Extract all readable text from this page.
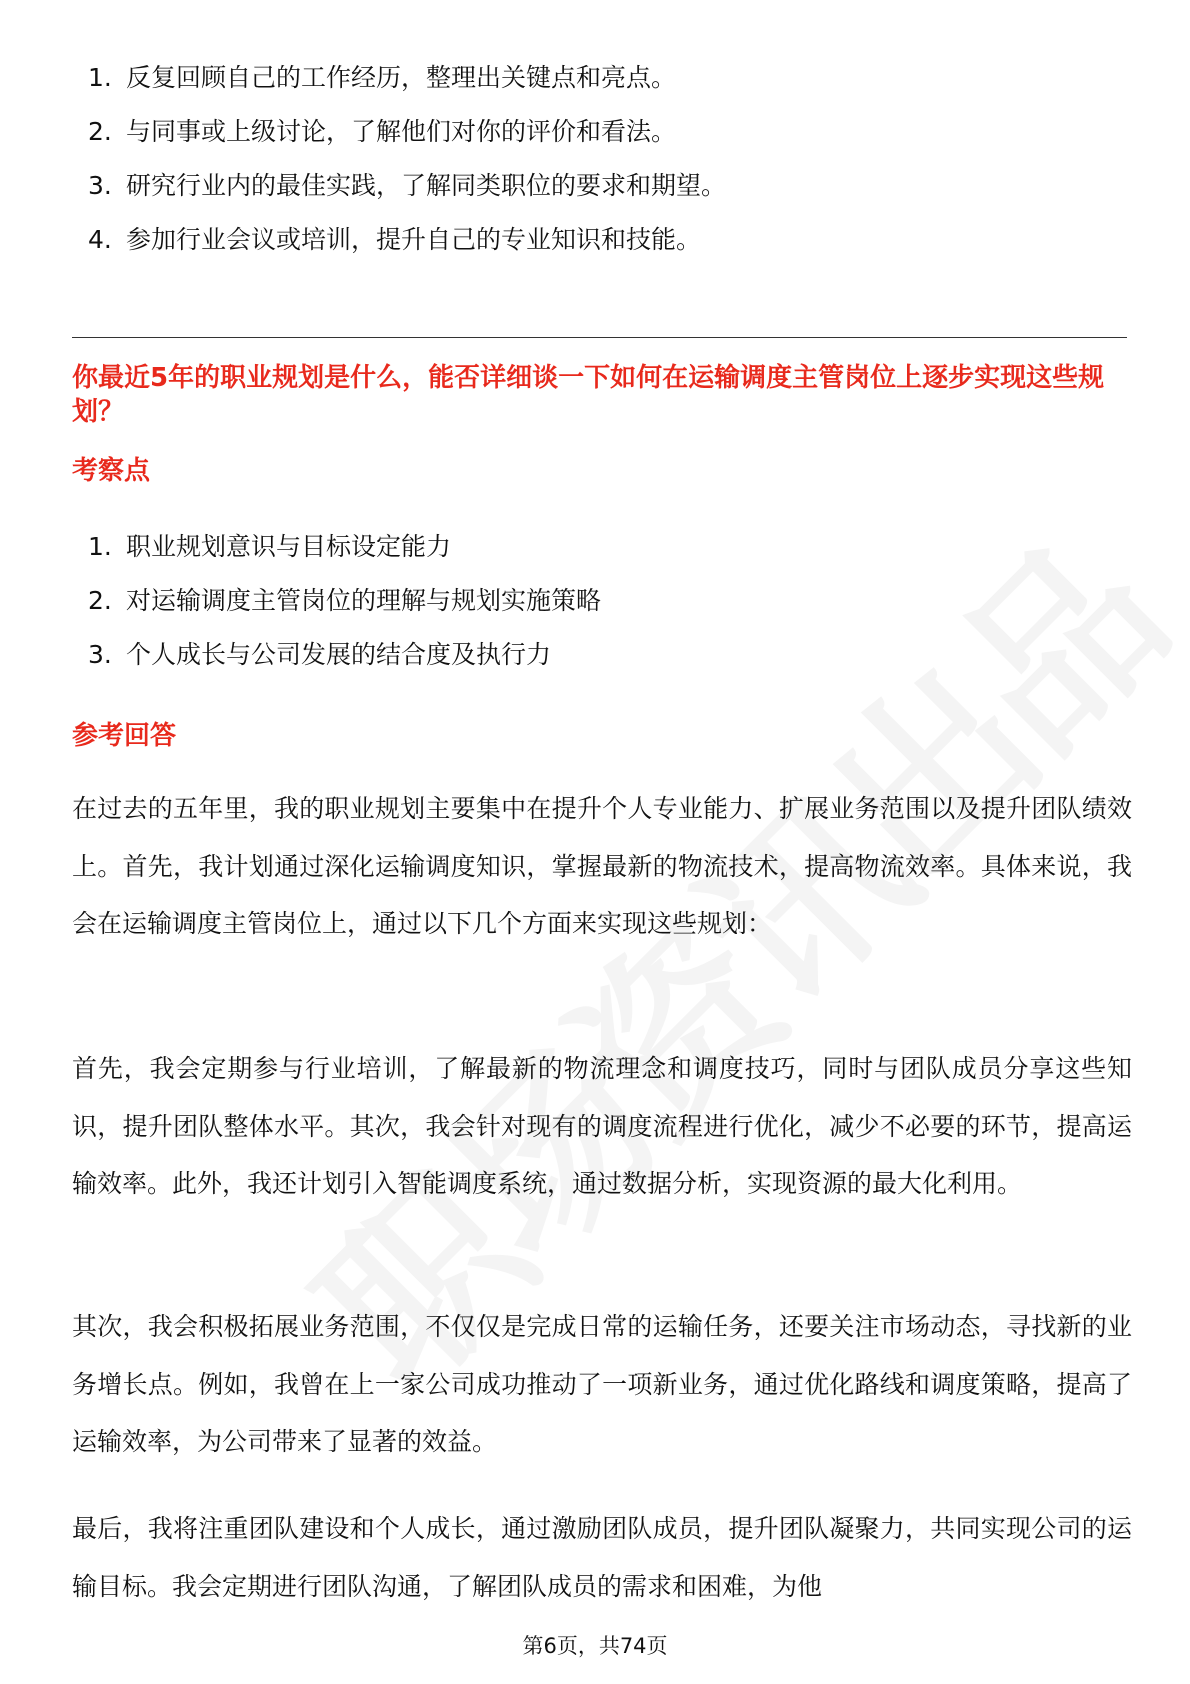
1. 反复回顾自己的工作经历，整理出关键点和亮点。
2. 与同事或上级讨论，了解他们对你的评价和看法。
3. 研究行业内的最佳实践，了解同类职位的要求和期望。
4. 参加行业会议或培训，提升自己的专业知识和技能。
你最近5年的职业规划是什么，能否详细谈一下如何在运输调度主管岗位上逐步实现这些规划？
考察点
1. 职业规划意识与目标设定能力
2. 对运输调度主管岗位的理解与规划实施策略
3. 个人成长与公司发展的结合度及执行力
参考回答

在过去的五年里，我的职业规划主要集中在提升个人专业能力、扩展业务范围以及提升团队绩效上。首先，我计划通过深化运输调度知识，掌握最新的物流技术，提高物流效率。具体来说，我会在运输调度主管岗位上，通过以下几个方面来实现这些规划：

首先，我会定期参与行业培训，了解最新的物流理念和调度技巧，同时与团队成员分享这些知识，提升团队整体水平。其次，我会针对现有的调度流程进行优化，减少不必要的环节，提高运输效率。此外，我还计划引入智能调度系统，通过数据分析，实现资源的最大化利用。

其次，我会积极拓展业务范围，不仅仅是完成日常的运输任务，还要关注市场动态，寻找新的业务增长点。例如，我曾在上一家公司成功推动了一项新业务，通过优化路线和调度策略，提高了运输效率，为公司带来了显著的效益。

最后，我将注重团队建设和个人成长，通过激励团队成员，提升团队凝聚力，共同实现公司的运输目标。我会定期进行团队沟通，了解团队成员的需求和困难，为他

第6页，共74页
